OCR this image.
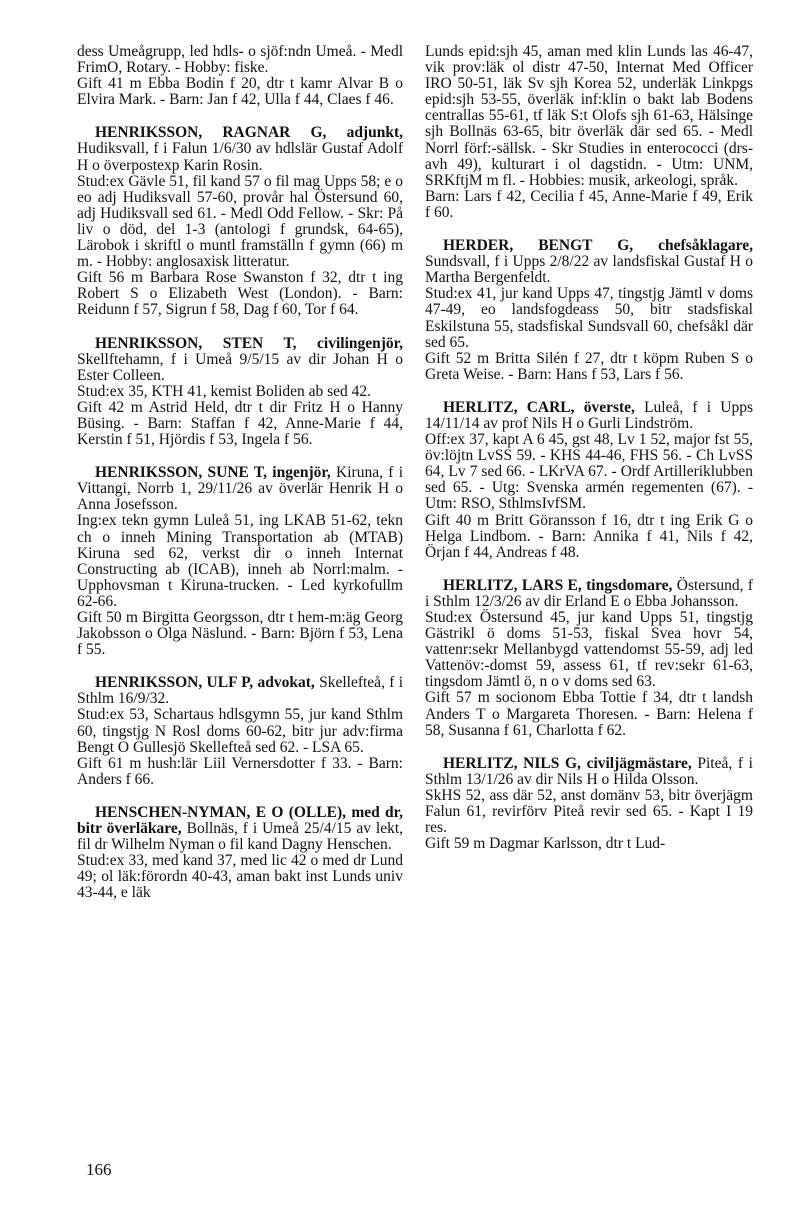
dess Umeågrupp, led hdls- o sjöf:ndn Umeå. - Medl FrimO, Rotary. - Hobby: fiske.

Gift 41 m Ebba Bodin f 20, dtr t kamr Alvar B o Elvira Mark. - Barn: Jan f 42, Ulla f 44, Claes f 46.

HENRIKSSON, RAGNAR G, adjunkt, Hudiksvall, f i Falun 1/6/30 av hdlslär Gustaf Adolf H o överpostexp Karin Rosin.

Stud:ex Gävle 51, fil kand 57 o fil mag Upps 58; e o eo adj Hudiksvall 57-60, provår hal Östersund 60, adj Hudiksvall sed 61. - Medl Odd Fellow. - Skr: På liv o död, del 1-3 (antologi f grundsk, 64-65), Lärobok i skriftl o muntl framställn f gymn (66) m m. - Hobby: anglosaxisk litteratur.

Gift 56 m Barbara Rose Swanston f 32, dtr t ing Robert S o Elizabeth West (London). - Barn: Reidunn f 57, Sigrun f 58, Dag f 60, Tor f 64.

HENRIKSSON, STEN T, civilingenjör, Skellftehamn, f i Umeå 9/5/15 av dir Johan H o Ester Colleen.

Stud:ex 35, KTH 41, kemist Boliden ab sed 42.

Gift 42 m Astrid Held, dtr t dir Fritz H o Hanny Büsing. - Barn: Staffan f 42, Anne-Marie f 44, Kerstin f 51, Hjördis f 53, Ingela f 56.

HENRIKSSON, SUNE T, ingenjör, Kiruna, f i Vittangi, Norrb 1, 29/11/26 av överlär Henrik H o Anna Josefsson.

Ing:ex tekn gymn Luleå 51, ing LKAB 51-62, tekn ch o inneh Mining Transportation ab (MTAB) Kiruna sed 62, verkst dir o inneh Internat Constructing ab (ICAB), inneh ab Norrl:malm. - Upphovsman t Kiruna-trucken. - Led kyrkofullm 62-66.

Gift 50 m Birgitta Georgsson, dtr t hem-m:äg Georg Jakobsson o Olga Näslund. - Barn: Björn f 53, Lena f 55.

HENRIKSSON, ULF P, advokat, Skellefteå, f i Sthlm 16/9/32.

Stud:ex 53, Schartaus hdlsgymn 55, jur kand Sthlm 60, tingstjg N Rosl doms 60-62, bitr jur adv:firma Bengt O Gullesjö Skellefteå sed 62. - LSA 65.

Gift 61 m hush:lär Liil Vernersdotter f 33. - Barn: Anders f 66.

HENSCHEN-NYMAN, E O (OLLE), med dr, bitr överläkare, Bollnäs, f i Umeå 25/4/15 av lekt, fil dr Wilhelm Nyman o fil kand Dagny Henschen.

Stud:ex 33, med kand 37, med lic 42 o med dr Lund 49; ol läk:förordn 40-43, aman bakt inst Lunds univ 43-44, e läk

Lunds epid:sjh 45, aman med klin Lunds las 46-47, vik prov:läk ol distr 47-50, Internat Med Officer IRO 50-51, läk Sv sjh Korea 52, underläk Linkpgs epid:sjh 53-55, överläk inf:klin o bakt lab Bodens centrallas 55-61, tf läk S:t Olofs sjh 61-63, Hälsinge sjh Bollnäs 63-65, bitr överläk där sed 65. - Medl Norrl förf:-sällsk. - Skr Studies in enterococci (drs-avh 49), kulturart i ol dagstidn. - Utm: UNM, SRKftjM m fl. - Hobbies: musik, arkeologi, språk.

Barn: Lars f 42, Cecilia f 45, Anne-Marie f 49, Erik f 60.

HERDER, BENGT G, chefsåklagare, Sundsvall, f i Upps 2/8/22 av landsfiskal Gustaf H o Martha Bergenfeldt.

Stud:ex 41, jur kand Upps 47, tingstjg Jämtl v doms 47-49, eo landsfogdeass 50, bitr stadsfiskal Eskilstuna 55, stadsfiskal Sundsvall 60, chefsåkl där sed 65.

Gift 52 m Britta Silén f 27, dtr t köpm Ruben S o Greta Weise. - Barn: Hans f 53, Lars f 56.

HERLITZ, CARL, överste, Luleå, f i Upps 14/11/14 av prof Nils H o Gurli Lindström.

Off:ex 37, kapt A 6 45, gst 48, Lv 1 52, major fst 55, öv:löjtn LvSS 59. - KHS 44-46, FHS 56. - Ch LvSS 64, Lv 7 sed 66. - LKrVA 67. - Ordf Artilleriklubben sed 65. - Utg: Svenska armén regementen (67). - Utm: RSO, SthlmsIvfSM.

Gift 40 m Britt Göransson f 16, dtr t ing Erik G o Helga Lindbom. - Barn: Annika f 41, Nils f 42, Örjan f 44, Andreas f 48.

HERLITZ, LARS E, tingsdomare, Östersund, f i Sthlm 12/3/26 av dir Erland E o Ebba Johansson.

Stud:ex Östersund 45, jur kand Upps 51, tingstjg Gästrikl ö doms 51-53, fiskal Svea hovr 54, vattenr:sekr Mellanbygd vattendomst 55-59, adj led Vattenöv:-domst 59, assess 61, tf rev:sekr 61-63, tingsdom Jämtl ö, n o v doms sed 63.

Gift 57 m socionom Ebba Tottie f 34, dtr t landsh Anders T o Margareta Thoresen. - Barn: Helena f 58, Susanna f 61, Charlotta f 62.

HERLITZ, NILS G, civiljägmästare, Piteå, f i Sthlm 13/1/26 av dir Nils H o Hilda Olsson.

SkHS 52, ass där 52, anst domänv 53, bitr överjägm Falun 61, revirförv Piteå revir sed 65. - Kapt I 19 res.

Gift 59 m Dagmar Karlsson, dtr t Lud-

166
